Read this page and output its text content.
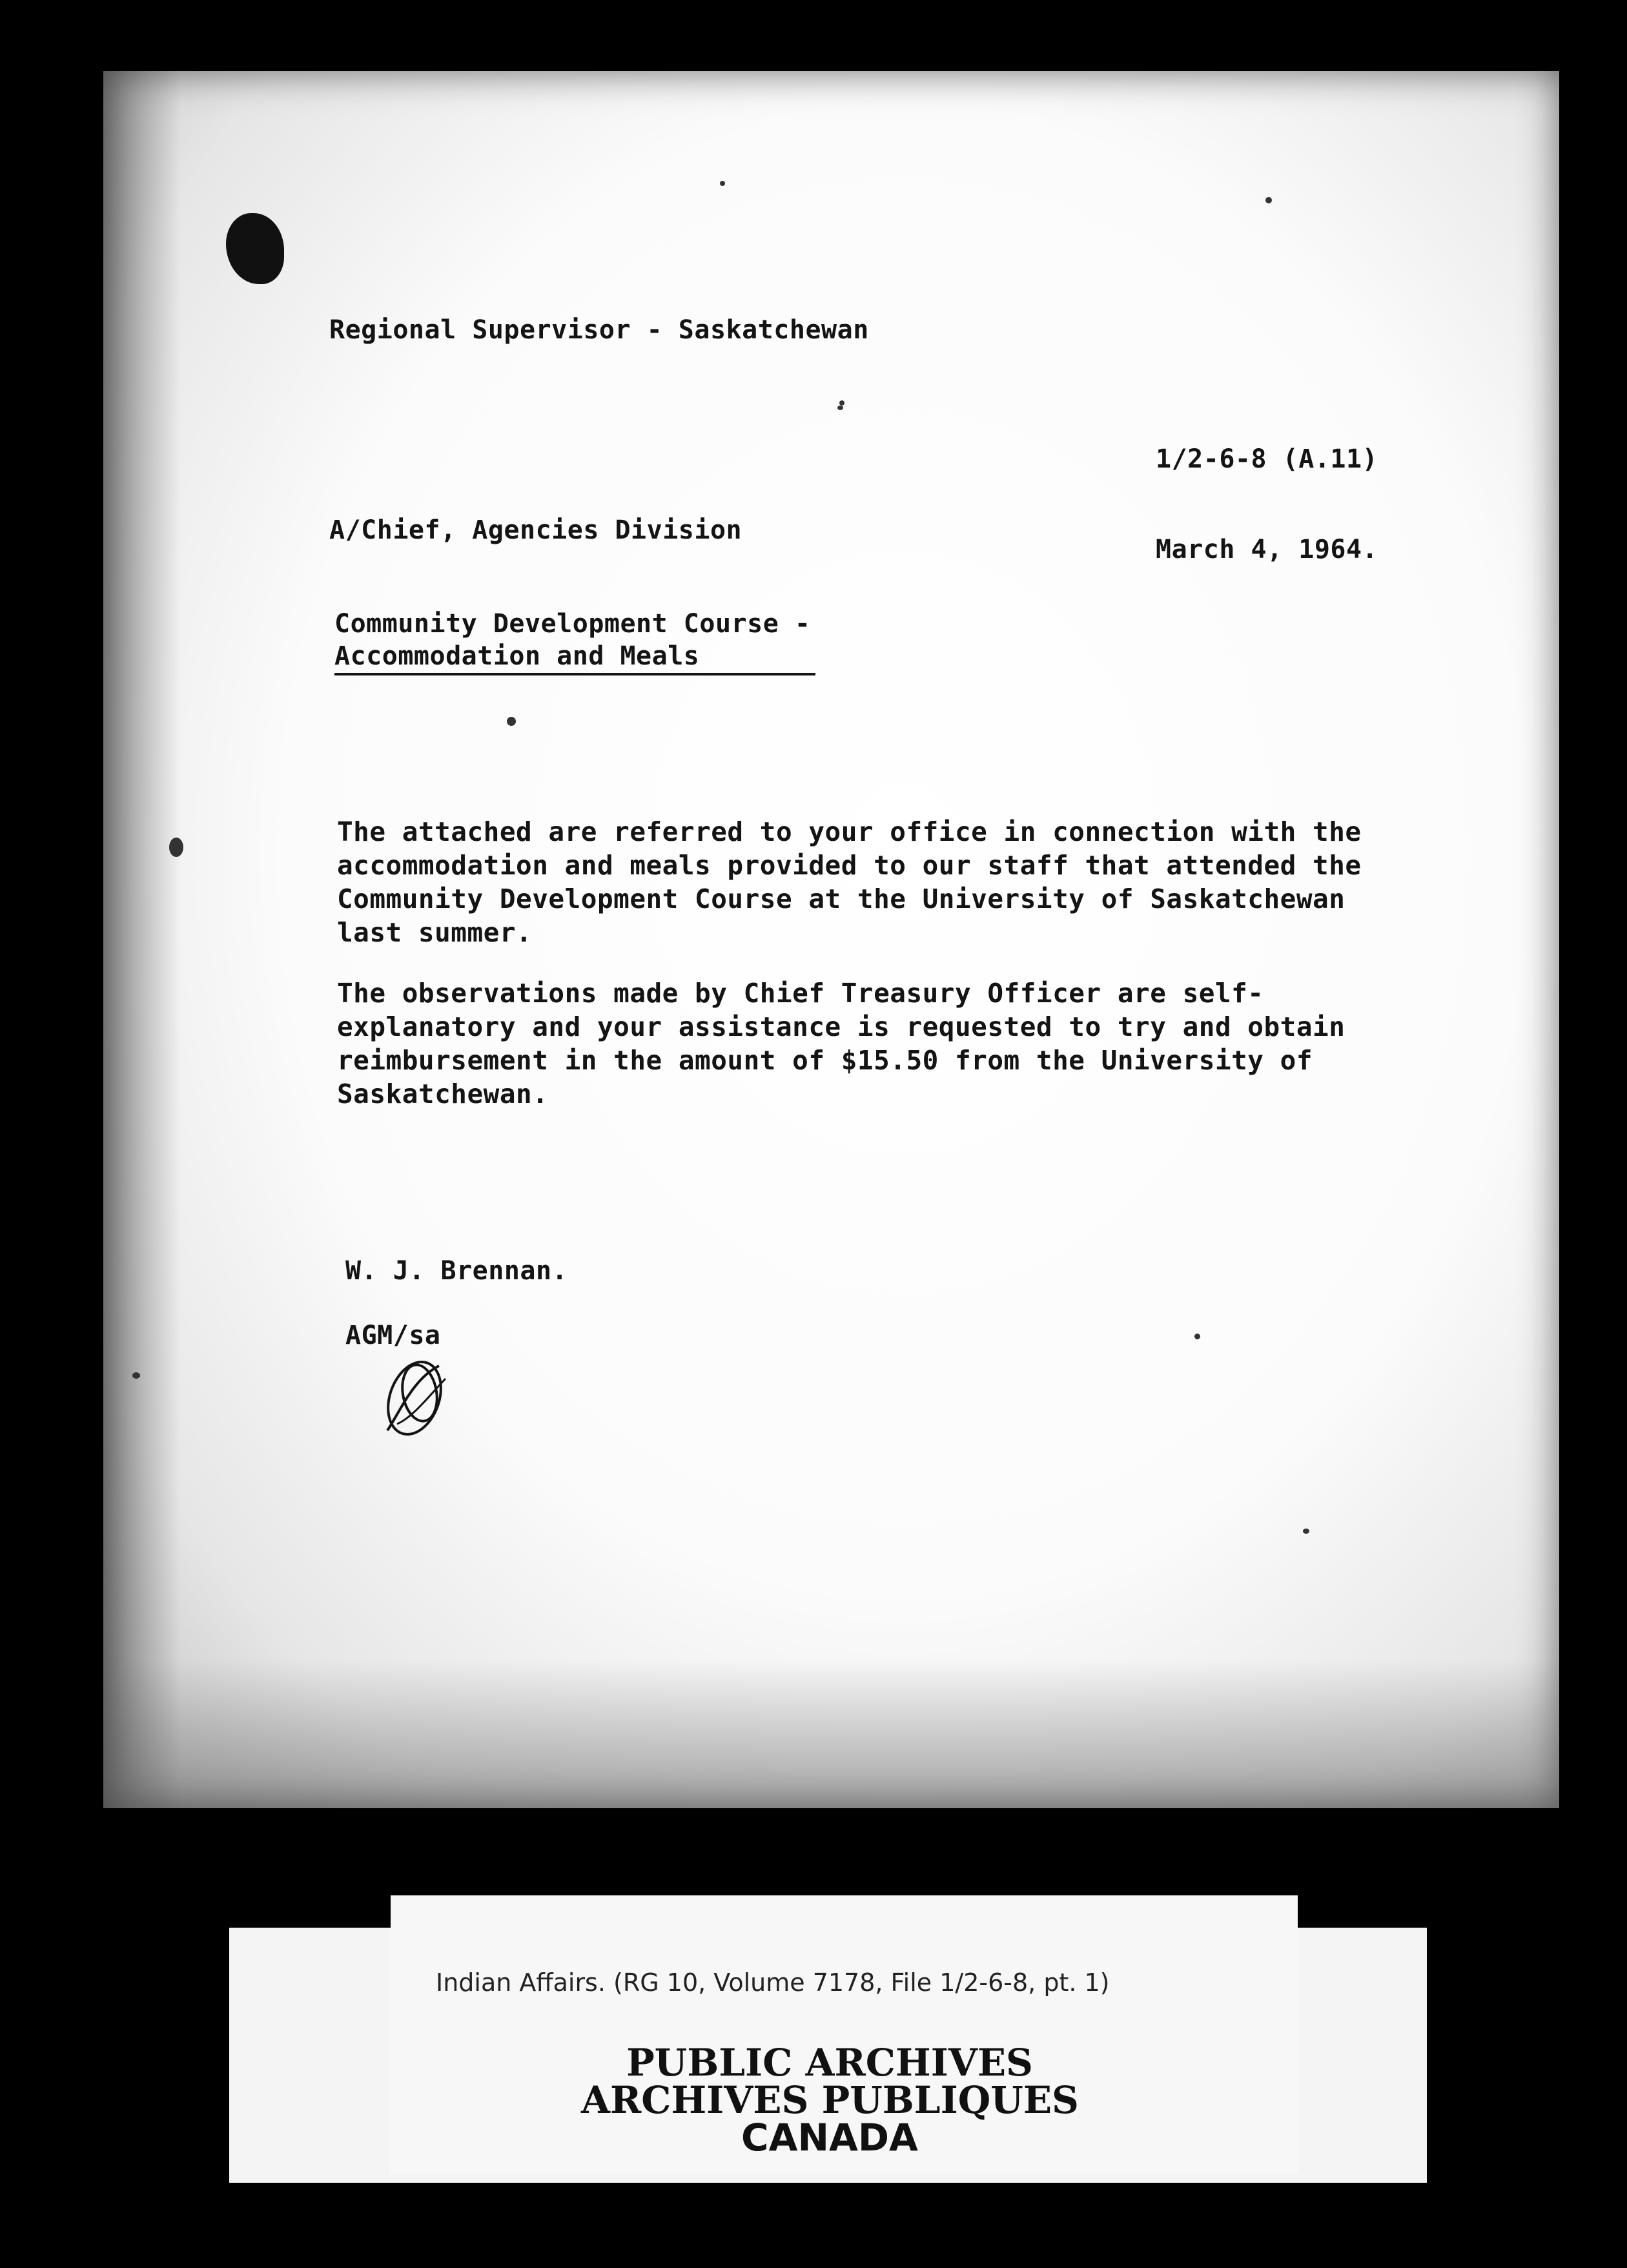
Regional Supervisor - Saskatchewan
1/2-6-8 (A.11)
A/Chief, Agencies Division
March 4, 1964.
Community Development Course -
Accommodation and Meals
The attached are referred to your office in connection with the
accommodation and meals provided to our staff that attended the
Community Development Course at the University of Saskatchewan
last summer.
The observations made by Chief Treasury Officer are self-
explanatory and your assistance is requested to try and obtain
reimbursement in the amount of $15.50 from the University of
Saskatchewan.
W. J. Brennan.
AGM/sa
Indian Affairs. (RG 10, Volume 7178, File 1/2-6-8, pt. 1)
PUBLIC ARCHIVES
ARCHIVES PUBLIQUES
CANADA
